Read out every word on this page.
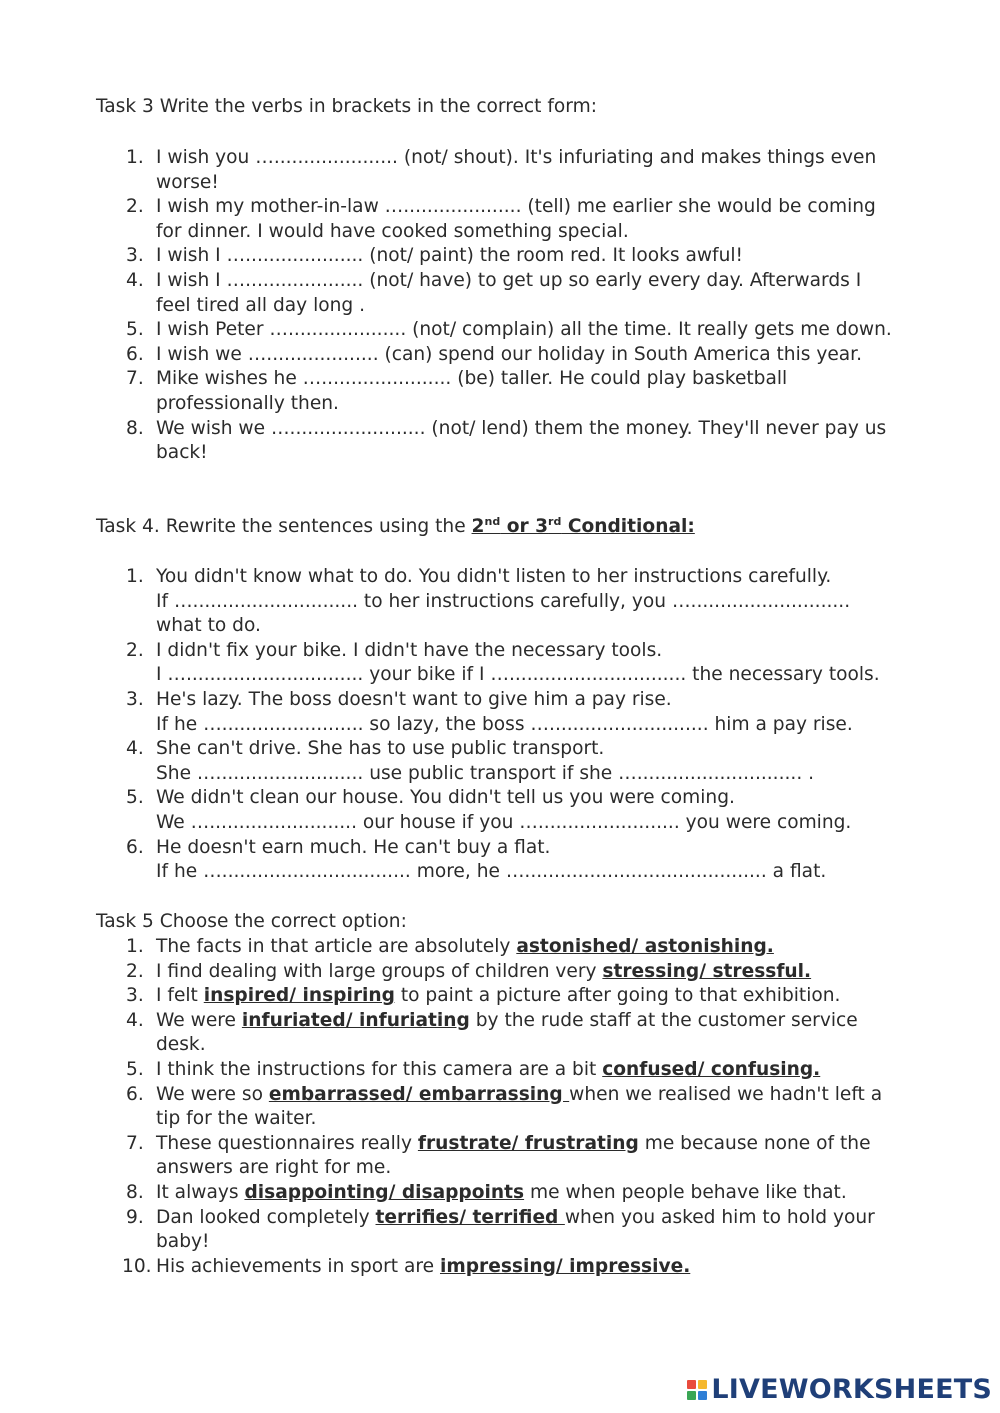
Task 3 Write the verbs in brackets in the correct form:
1. I wish you …..................... (not/ shout). It's infuriating and makes things even worse!
2. I wish my mother-in-law ….................... (tell) me earlier she would be coming for dinner. I would have cooked something special.
3. I wish I ….................... (not/ paint) the room red. It looks awful!
4. I wish I ….................... (not/ have) to get up so early every day. Afterwards I feel tired all day long .
5. I wish Peter ….................... (not/ complain) all the time. It really gets me down.
6. I wish we …................... (can) spend our holiday in South America this year.
7. Mike wishes he …...................... (be) taller. He could play basketball professionally then.
8. We wish we …....................... (not/ lend) them the money. They'll never pay us back!
Task 4. Rewrite the sentences using the 2nd or 3rd Conditional:
1. You didn't know what to do. You didn't listen to her instructions carefully.
If …............................ to her instructions carefully, you …........................... what to do.
2. I didn't fix your bike. I didn't have the necessary tools.
I ….............................. your bike if I ….............................. the necessary tools.
3. He's lazy. The boss doesn't want to give him a pay rise.
If he …........................ so lazy, the boss …........................... him a pay rise.
4. She can't drive. She has to use public transport.
She …......................... use public transport if she …............................ .
5. We didn't clean our house. You didn't tell us you were coming.
We …......................... our house if you …........................ you were coming.
6. He doesn't earn much. He can't buy a flat.
If he …................................ more, he …......................................... a flat.
Task 5 Choose the correct option:
1. The facts in that article are absolutely astonished/ astonishing.
2. I find dealing with large groups of children very stressing/ stressful.
3. I felt inspired/ inspiring to paint a picture after going to that exhibition.
4. We were infuriated/ infuriating by the rude staff at the customer service desk.
5. I think the instructions for this camera are a bit confused/ confusing.
6. We were so embarrassed/ embarrassing when we realised we hadn't left a tip for the waiter.
7. These questionnaires really frustrate/ frustrating me because none of the answers are right for me.
8. It always disappointing/ disappoints me when people behave like that.
9. Dan looked completely terrifies/ terrified when you asked him to hold your baby!
10. His achievements in sport are impressing/ impressive.
LIVEWORKSHEETS
